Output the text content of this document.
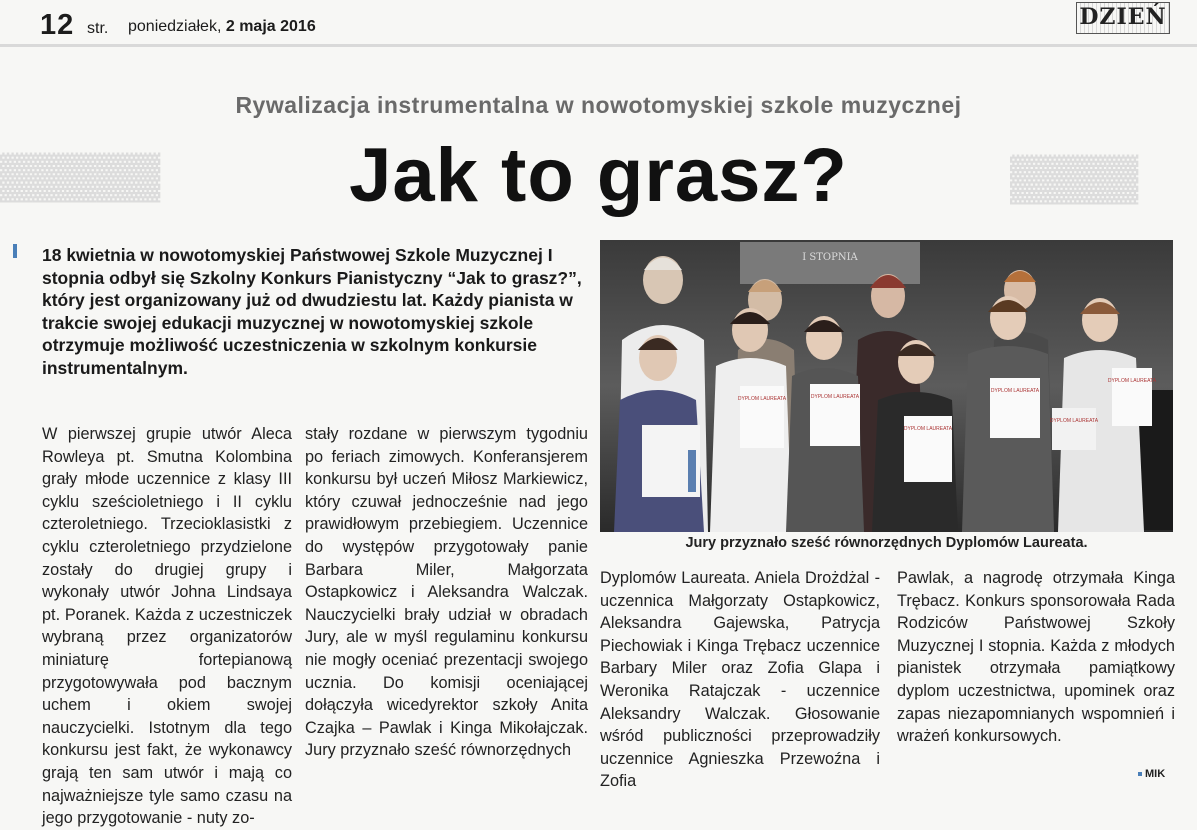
12 str. poniedziałek, 2 maja 2016	DZIEŃ
▓▓▓▓▓	▓▓▓▓
Rywalizacja instrumentalna w nowotomyskiej szkole muzycznej
Jak to grasz?
18 kwietnia w nowotomyskiej Państwowej Szkole Muzycznej I stopnia odbył się Szkolny Konkurs Pianistyczny “Jak to grasz?”, który jest organizowany już od dwudziestu lat. Każdy pianista w trakcie swojej edukacji muzycznej w nowotomyskiej szkole otrzymuje możliwość uczestniczenia w szkolnym konkursie instrumentalnym.

W pierwszej grupie utwór Aleca Rowleya pt. Smutna Kolombina grały młode uczennice z klasy III cyklu sześcioletniego i II cyklu czteroletniego. Trzecioklasistki z cyklu czteroletniego przydzielone zostały do drugiej grupy i wykonały utwór Johna Lindsaya pt. Poranek. Każda z uczestniczek wybraną przez organizatorów miniaturę fortepianową przygotowywała pod bacznym uchem i okiem swojej nauczycielki. Istotnym dla tego konkursu jest fakt, że wykonawcy grają ten sam utwór i mają co najważniejsze tyle samo czasu na jego przygotowanie - nuty zo-

stały rozdane w pierwszym tygodniu po feriach zimowych. Konferansjerem konkursu był uczeń Miłosz Markiewicz, który czuwał jednocześnie nad jego prawidłowym przebiegiem. Uczennice do występów przygotowały panie Barbara Miler, Małgorzata Ostapkowicz i Aleksandra Walczak. Nauczycielki brały udział w obradach Jury, ale w myśl regulaminu konkursu nie mogły oceniać prezentacji swojego ucznia. Do komisji oceniającej dołączyła wicedyrektor szkoły Anita Czajka – Pawlak i Kinga Mikołajczak. Jury przyznało sześć równorzędnych

Dyplomów Laureata. Aniela Drożdżal - uczennica Małgorzaty Ostapkowicz, Aleksandra Gajewska, Patrycja Piechowiak i Kinga Trębacz uczennice Barbary Miler oraz Zofia Glapa i Weronika Ratajczak - uczennice Aleksandry Walczak. Głosowanie wśród publiczności przeprowadziły uczennice Agnieszka Przewoźna i Zofia

Pawlak, a nagrodę otrzymała Kinga Trębacz. Konkurs sponsorowała Rada Rodziców Państwowej Szkoły Muzycznej I stopnia. Każda z młodych pianistek otrzymała pamiątkowy dyplom uczestnictwa, upominek oraz zapas niezapomnianych wspomnień i wrażeń konkursowych.

I STOPNIA
DYPLOM LAUREATA	DYPLOM LAUREATA
DYPLOM LAUREATA
DYPLOM LAUREATA
DYPLOM LAUREATA
DYPLOM LAUREATA
Jury przyznało sześć równorzędnych Dyplomów Laureata.
MIK
